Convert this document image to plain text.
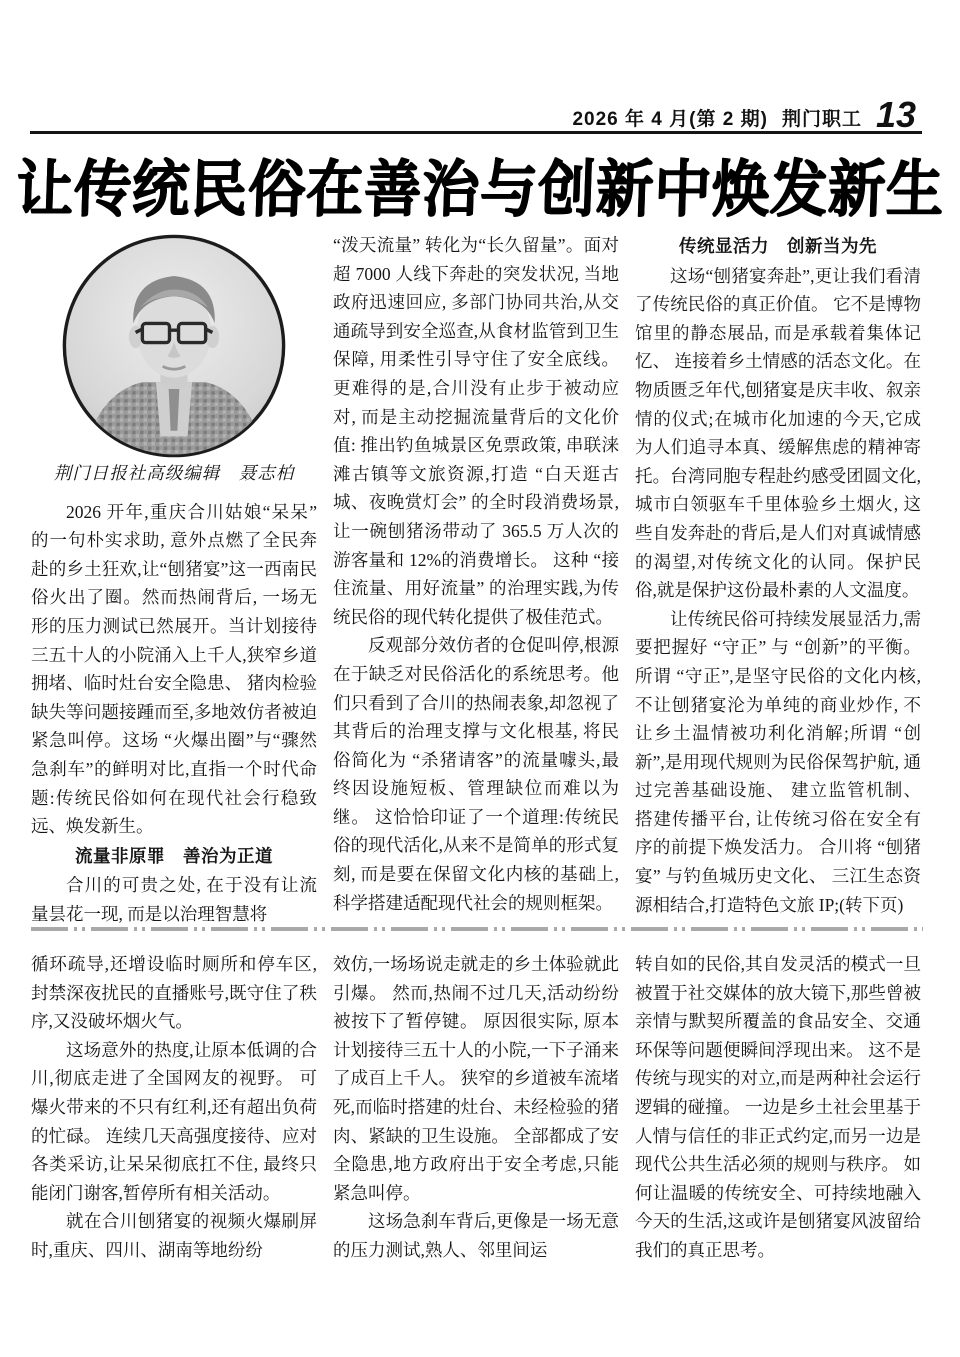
2026 年 4 月(第 2 期) 荆门职工 13
让传统民俗在善治与创新中焕发新生

荆门日报社高级编辑　聂志柏

2026 开年,重庆合川姑娘“呆呆”的一句朴实求助, 意外点燃了全民奔赴的乡土狂欢,让“刨猪宴”这一西南民俗火出了圈。然而热闹背后, 一场无形的压力测试已然展开。当计划接待三五十人的小院涌入上千人,狭窄乡道拥堵、临时灶台安全隐患、 猪肉检验缺失等问题接踵而至,多地效仿者被迫紧急叫停。这场 “火爆出圈”与“骤然急刹车”的鲜明对比,直指一个时代命题:传统民俗如何在现代社会行稳致远、焕发新生。

流量非原罪　善治为正道

合川的可贵之处, 在于没有让流量昙花一现, 而是以治理智慧将

“泼天流量” 转化为“长久留量”。面对超 7000 人线下奔赴的突发状况, 当地政府迅速回应, 多部门协同共治,从交通疏导到安全巡查,从食材监管到卫生保障, 用柔性引导守住了安全底线。更难得的是,合川没有止步于被动应对, 而是主动挖掘流量背后的文化价值: 推出钓鱼城景区免票政策, 串联涞滩古镇等文旅资源,打造 “白天逛古城、夜晚赏灯会” 的全时段消费场景, 让一碗刨猪汤带动了 365.5 万人次的游客量和 12%的消费增长。 这种 “接住流量、用好流量” 的治理实践,为传统民俗的现代转化提供了极佳范式。

反观部分效仿者的仓促叫停,根源在于缺乏对民俗活化的系统思考。他们只看到了合川的热闹表象,却忽视了其背后的治理支撑与文化根基, 将民俗简化为 “杀猪请客”的流量噱头,最终因设施短板、管理缺位而难以为继。 这恰恰印证了一个道理:传统民俗的现代活化,从来不是简单的形式复刻, 而是要在保留文化内核的基础上, 科学搭建适配现代社会的规则框架。

传统显活力　创新当为先

这场“刨猪宴奔赴”,更让我们看清了传统民俗的真正价值。 它不是博物馆里的静态展品, 而是承载着集体记忆、 连接着乡土情感的活态文化。在物质匮乏年代,刨猪宴是庆丰收、叙亲情的仪式;在城市化加速的今天,它成为人们追寻本真、缓解焦虑的精神寄托。台湾同胞专程赴约感受团圆文化, 城市白领驱车千里体验乡土烟火, 这些自发奔赴的背后,是人们对真诚情感的渴望,对传统文化的认同。保护民俗,就是保护这份最朴素的人文温度。

让传统民俗可持续发展显活力,需要把握好 “守正” 与 “创新”的平衡。 所谓 “守正”,是坚守民俗的文化内核, 不让刨猪宴沦为单纯的商业炒作, 不让乡土温情被功利化消解;所谓 “创新”,是用现代规则为民俗保驾护航, 通过完善基础设施、 建立监管机制、 搭建传播平台, 让传统习俗在安全有序的前提下焕发活力。 合川将 “刨猪宴” 与钓鱼城历史文化、 三江生态资源相结合,打造特色文旅 IP;(转下页)

循环疏导,还增设临时厕所和停车区, 封禁深夜扰民的直播账号,既守住了秩序,又没破坏烟火气。

这场意外的热度,让原本低调的合川,彻底走进了全国网友的视野。 可爆火带来的不只有红利,还有超出负荷的忙碌。 连续几天高强度接待、应对各类采访,让呆呆彻底扛不住, 最终只能闭门谢客,暂停所有相关活动。

就在合川刨猪宴的视频火爆刷屏时,重庆、四川、湖南等地纷纷

效仿,一场场说走就走的乡土体验就此引爆。 然而,热闹不过几天,活动纷纷被按下了暂停键。 原因很实际, 原本计划接待三五十人的小院,一下子涌来了成百上千人。 狭窄的乡道被车流堵死,而临时搭建的灶台、未经检验的猪肉、紧缺的卫生设施。 全部都成了安全隐患,地方政府出于安全考虑,只能紧急叫停。

这场急刹车背后,更像是一场无意的压力测试,熟人、邻里间运

转自如的民俗,其自发灵活的模式一旦被置于社交媒体的放大镜下,那些曾被亲情与默契所覆盖的食品安全、交通环保等问题便瞬间浮现出来。 这不是传统与现实的对立,而是两种社会运行逻辑的碰撞。 一边是乡土社会里基于人情与信任的非正式约定,而另一边是现代公共生活必须的规则与秩序。 如何让温暖的传统安全、可持续地融入今天的生活,这或许是刨猪宴风波留给我们的真正思考。
